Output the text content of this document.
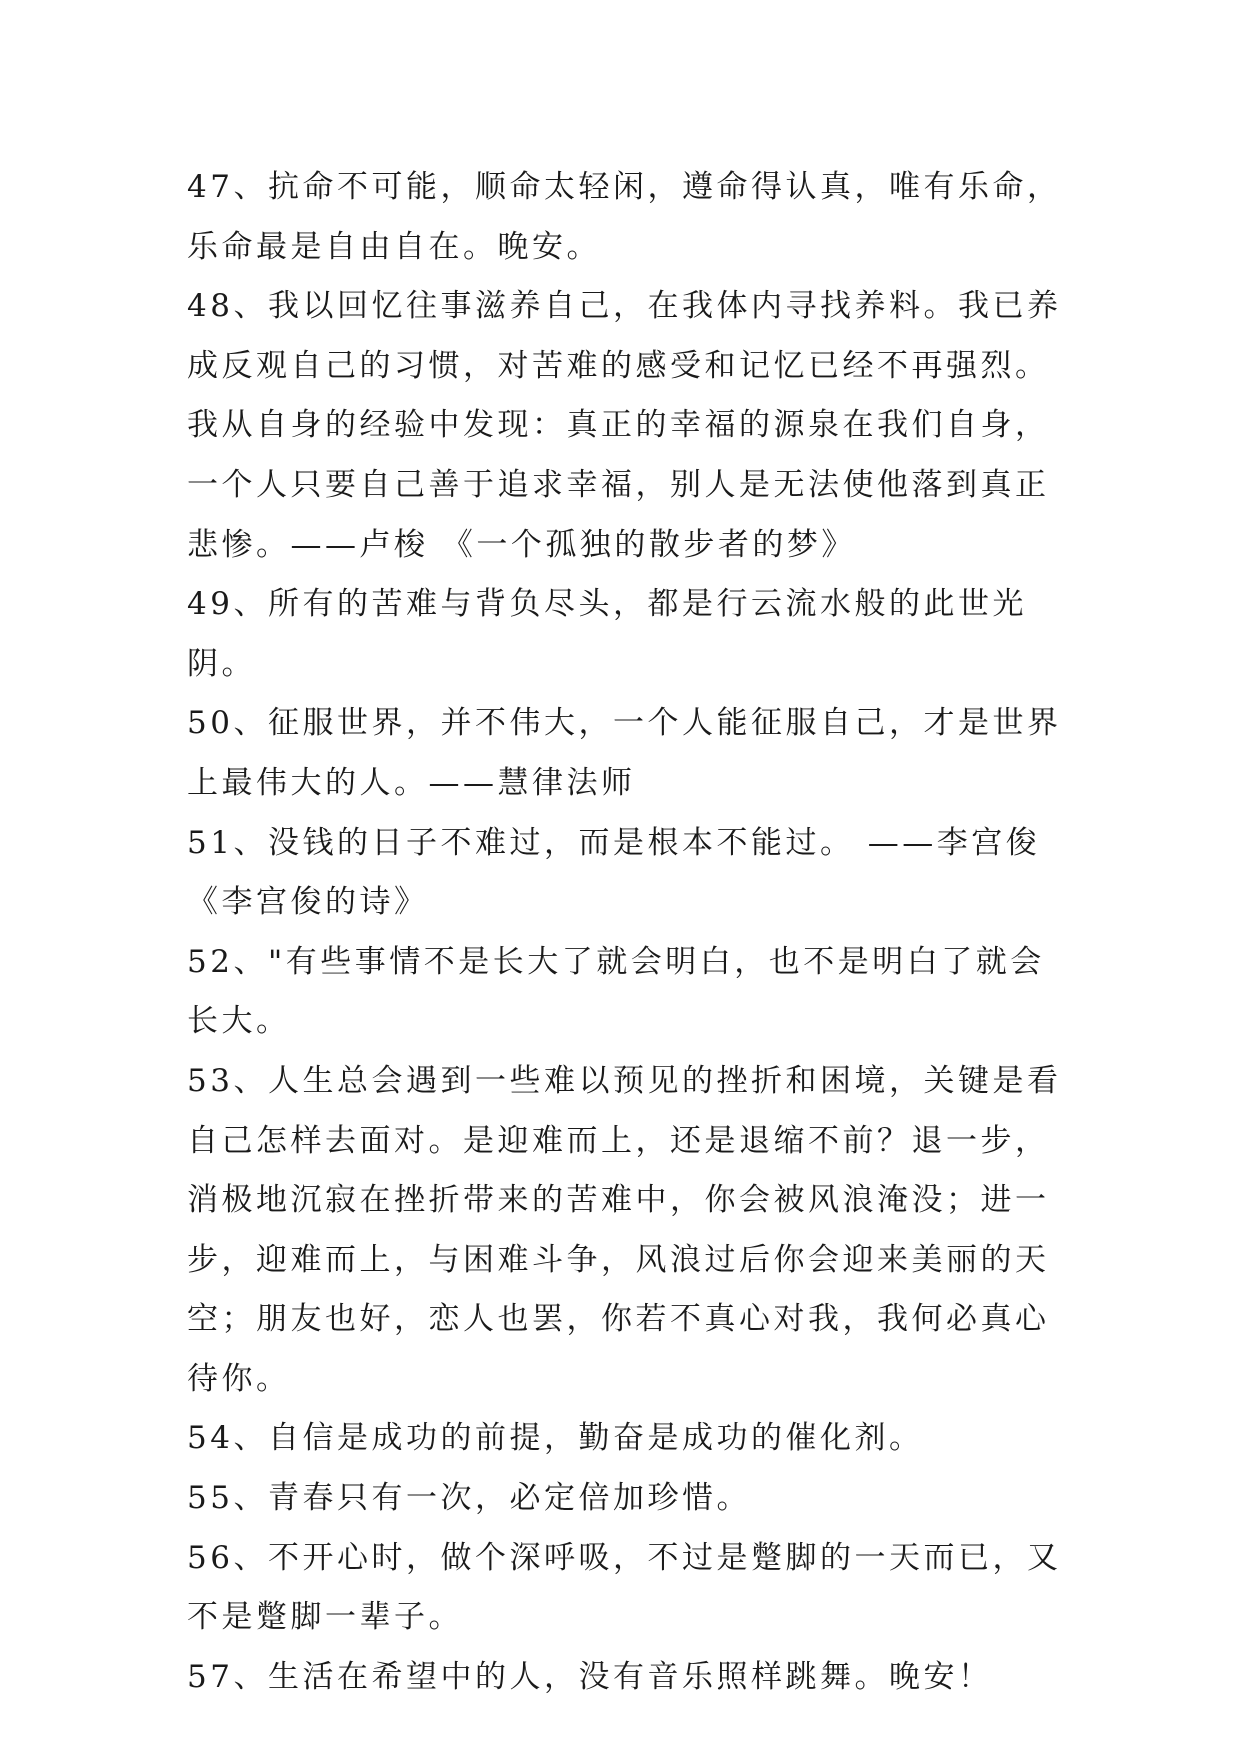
47、抗命不可能，顺命太轻闲，遵命得认真，唯有乐命，乐命最是自由自在。晚安。

48、我以回忆往事滋养自己，在我体内寻找养料。我已养成反观自己的习惯，对苦难的感受和记忆已经不再强烈。我从自身的经验中发现：真正的幸福的源泉在我们自身，一个人只要自己善于追求幸福，别人是无法使他落到真正悲惨。——卢梭 《一个孤独的散步者的梦》

49、所有的苦难与背负尽头，都是行云流水般的此世光阴。

50、征服世界，并不伟大，一个人能征服自己，才是世界上最伟大的人。——慧律法师

51、没钱的日子不难过，而是根本不能过。 ——李宫俊《李宫俊的诗》

52、"有些事情不是长大了就会明白，也不是明白了就会长大。

53、人生总会遇到一些难以预见的挫折和困境，关键是看自己怎样去面对。是迎难而上，还是退缩不前？退一步，消极地沉寂在挫折带来的苦难中，你会被风浪淹没；进一步，迎难而上，与困难斗争，风浪过后你会迎来美丽的天空；朋友也好，恋人也罢，你若不真心对我，我何必真心待你。

54、自信是成功的前提，勤奋是成功的催化剂。

55、青春只有一次，必定倍加珍惜。

56、不开心时，做个深呼吸，不过是蹩脚的一天而已，又不是蹩脚一辈子。

57、生活在希望中的人，没有音乐照样跳舞。晚安！
